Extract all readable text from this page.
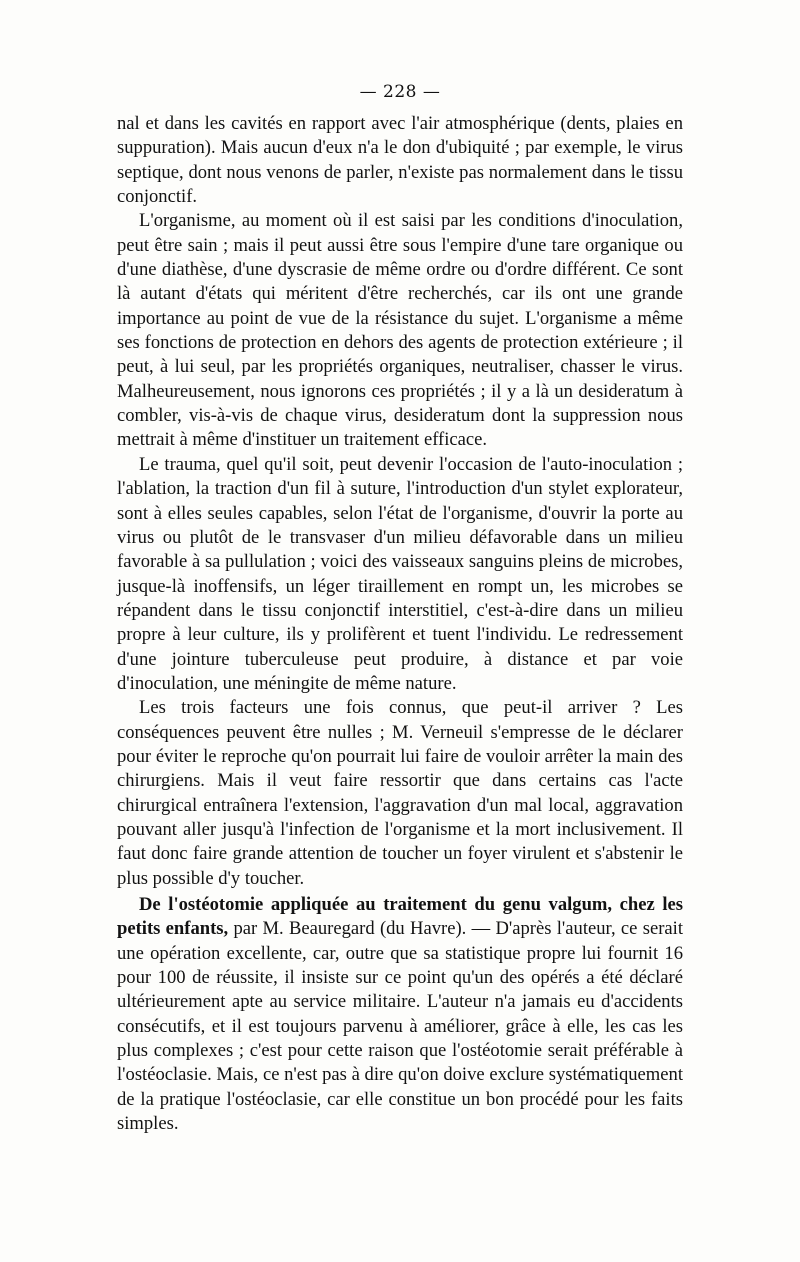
— 228 —

nal et dans les cavités en rapport avec l'air atmosphérique (dents, plaies en suppuration). Mais aucun d'eux n'a le don d'ubiquité ; par exemple, le virus septique, dont nous venons de parler, n'existe pas normalement dans le tissu conjonctif.

L'organisme, au moment où il est saisi par les conditions d'inoculation, peut être sain ; mais il peut aussi être sous l'empire d'une tare organique ou d'une diathèse, d'une dyscrasie de même ordre ou d'ordre différent. Ce sont là autant d'états qui méritent d'être recherchés, car ils ont une grande importance au point de vue de la résistance du sujet. L'organisme a même ses fonctions de protection en dehors des agents de protection extérieure ; il peut, à lui seul, par les propriétés organiques, neutraliser, chasser le virus. Malheureusement, nous ignorons ces propriétés ; il y a là un desideratum à combler, vis-à-vis de chaque virus, desideratum dont la suppression nous mettrait à même d'instituer un traitement efficace.

Le trauma, quel qu'il soit, peut devenir l'occasion de l'auto-inoculation ; l'ablation, la traction d'un fil à suture, l'introduction d'un stylet explorateur, sont à elles seules capables, selon l'état de l'organisme, d'ouvrir la porte au virus ou plutôt de le transvaser d'un milieu défavorable dans un milieu favorable à sa pullulation ; voici des vaisseaux sanguins pleins de microbes, jusque-là inoffensifs, un léger tiraillement en rompt un, les microbes se répandent dans le tissu conjonctif interstitiel, c'est-à-dire dans un milieu propre à leur culture, ils y prolifèrent et tuent l'individu. Le redressement d'une jointure tuberculeuse peut produire, à distance et par voie d'inoculation, une méningite de même nature.

Les trois facteurs une fois connus, que peut-il arriver ? Les conséquences peuvent être nulles ; M. Verneuil s'empresse de le déclarer pour éviter le reproche qu'on pourrait lui faire de vouloir arrêter la main des chirurgiens. Mais il veut faire ressortir que dans certains cas l'acte chirurgical entraînera l'extension, l'aggravation d'un mal local, aggravation pouvant aller jusqu'à l'infection de l'organisme et la mort inclusivement. Il faut donc faire grande attention de toucher un foyer virulent et s'abstenir le plus possible d'y toucher.

De l'ostéotomie appliquée au traitement du genu valgum, chez les petits enfants, par M. Beauregard (du Havre). — D'après l'auteur, ce serait une opération excellente, car, outre que sa statistique propre lui fournit 16 pour 100 de réussite, il insiste sur ce point qu'un des opérés a été déclaré ultérieurement apte au service militaire. L'auteur n'a jamais eu d'accidents consécutifs, et il est toujours parvenu à améliorer, grâce à elle, les cas les plus complexes ; c'est pour cette raison que l'ostéotomie serait préférable à l'ostéoclasie. Mais, ce n'est pas à dire qu'on doive exclure systématiquement de la pratique l'ostéoclasie, car elle constitue un bon procédé pour les faits simples.
